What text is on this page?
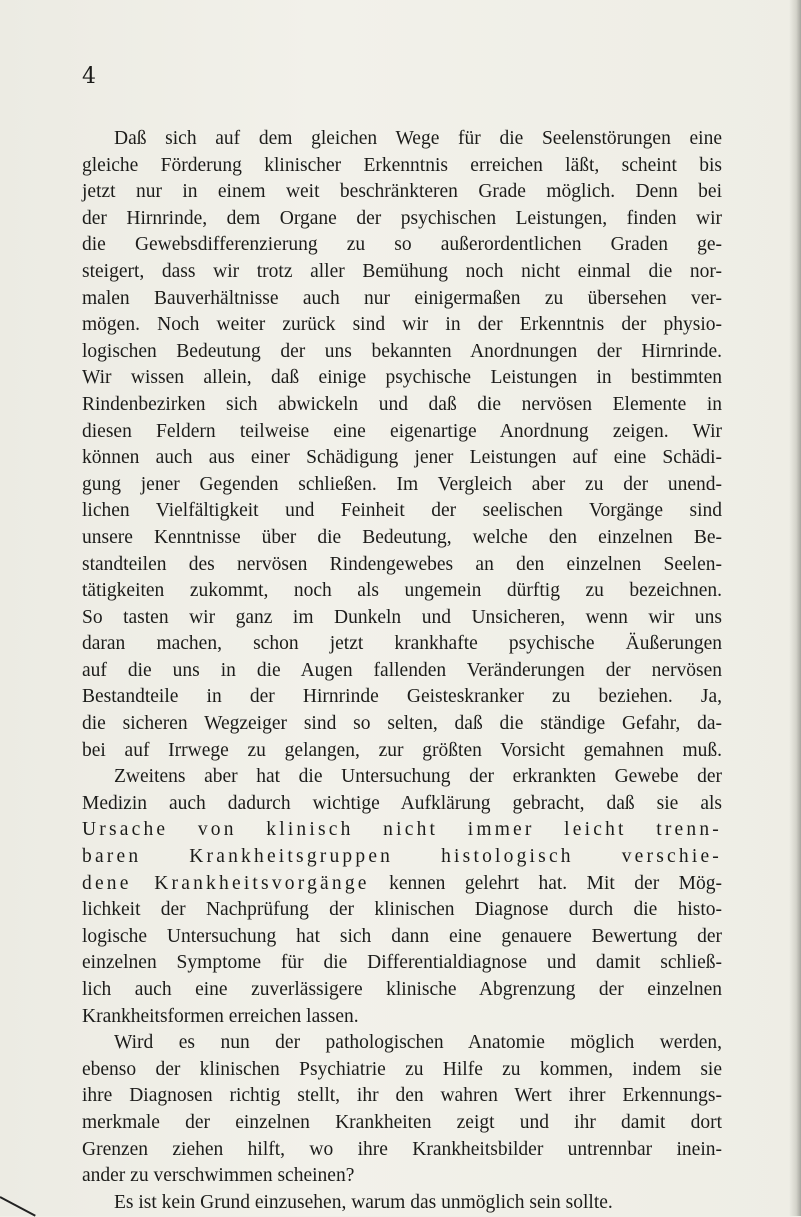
4
Daß sich auf dem gleichen Wege für die Seelenstörungen eine
gleiche Förderung klinischer Erkenntnis erreichen läßt, scheint bis
jetzt nur in einem weit beschränkteren Grade möglich. Denn bei
der Hirnrinde, dem Organe der psychischen Leistungen, finden wir
die Gewebsdifferenzierung zu so außerordentlichen Graden ge-
steigert, dass wir trotz aller Bemühung noch nicht einmal die nor-
malen Bauverhältnisse auch nur einigermaßen zu übersehen ver-
mögen. Noch weiter zurück sind wir in der Erkenntnis der physio-
logischen Bedeutung der uns bekannten Anordnungen der Hirnrinde.
Wir wissen allein, daß einige psychische Leistungen in bestimmten
Rindenbezirken sich abwickeln und daß die nervösen Elemente in
diesen Feldern teilweise eine eigenartige Anordnung zeigen. Wir
können auch aus einer Schädigung jener Leistungen auf eine Schädi-
gung jener Gegenden schließen. Im Vergleich aber zu der unend-
lichen Vielfältigkeit und Feinheit der seelischen Vorgänge sind
unsere Kenntnisse über die Bedeutung, welche den einzelnen Be-
standteilen des nervösen Rindengewebes an den einzelnen Seelen-
tätigkeiten zukommt, noch als ungemein dürftig zu bezeichnen.
So tasten wir ganz im Dunkeln und Unsicheren, wenn wir uns
daran machen, schon jetzt krankhafte psychische Äußerungen
auf die uns in die Augen fallenden Veränderungen der nervösen
Bestandteile in der Hirnrinde Geisteskranker zu beziehen. Ja,
die sicheren Wegzeiger sind so selten, daß die ständige Gefahr, da-
bei auf Irrwege zu gelangen, zur größten Vorsicht gemahnen muß.
Zweitens aber hat die Untersuchung der erkrankten Gewebe der
Medizin auch dadurch wichtige Aufklärung gebracht, daß sie als
Ursache von klinisch nicht immer leicht trenn-
baren Krankheitsgruppen histologisch verschie-
dene Krankheitsvorgänge kennen gelehrt hat. Mit der Mög-
lichkeit der Nachprüfung der klinischen Diagnose durch die histo-
logische Untersuchung hat sich dann eine genauere Bewertung der
einzelnen Symptome für die Differentialdiagnose und damit schließ-
lich auch eine zuverlässigere klinische Abgrenzung der einzelnen
Krankheitsformen erreichen lassen.
Wird es nun der pathologischen Anatomie möglich werden,
ebenso der klinischen Psychiatrie zu Hilfe zu kommen, indem sie
ihre Diagnosen richtig stellt, ihr den wahren Wert ihrer Erkennungs-
merkmale der einzelnen Krankheiten zeigt und ihr damit dort
Grenzen ziehen hilft, wo ihre Krankheitsbilder untrennbar inein-
ander zu verschwimmen scheinen?
Es ist kein Grund einzusehen, warum das unmöglich sein sollte.
